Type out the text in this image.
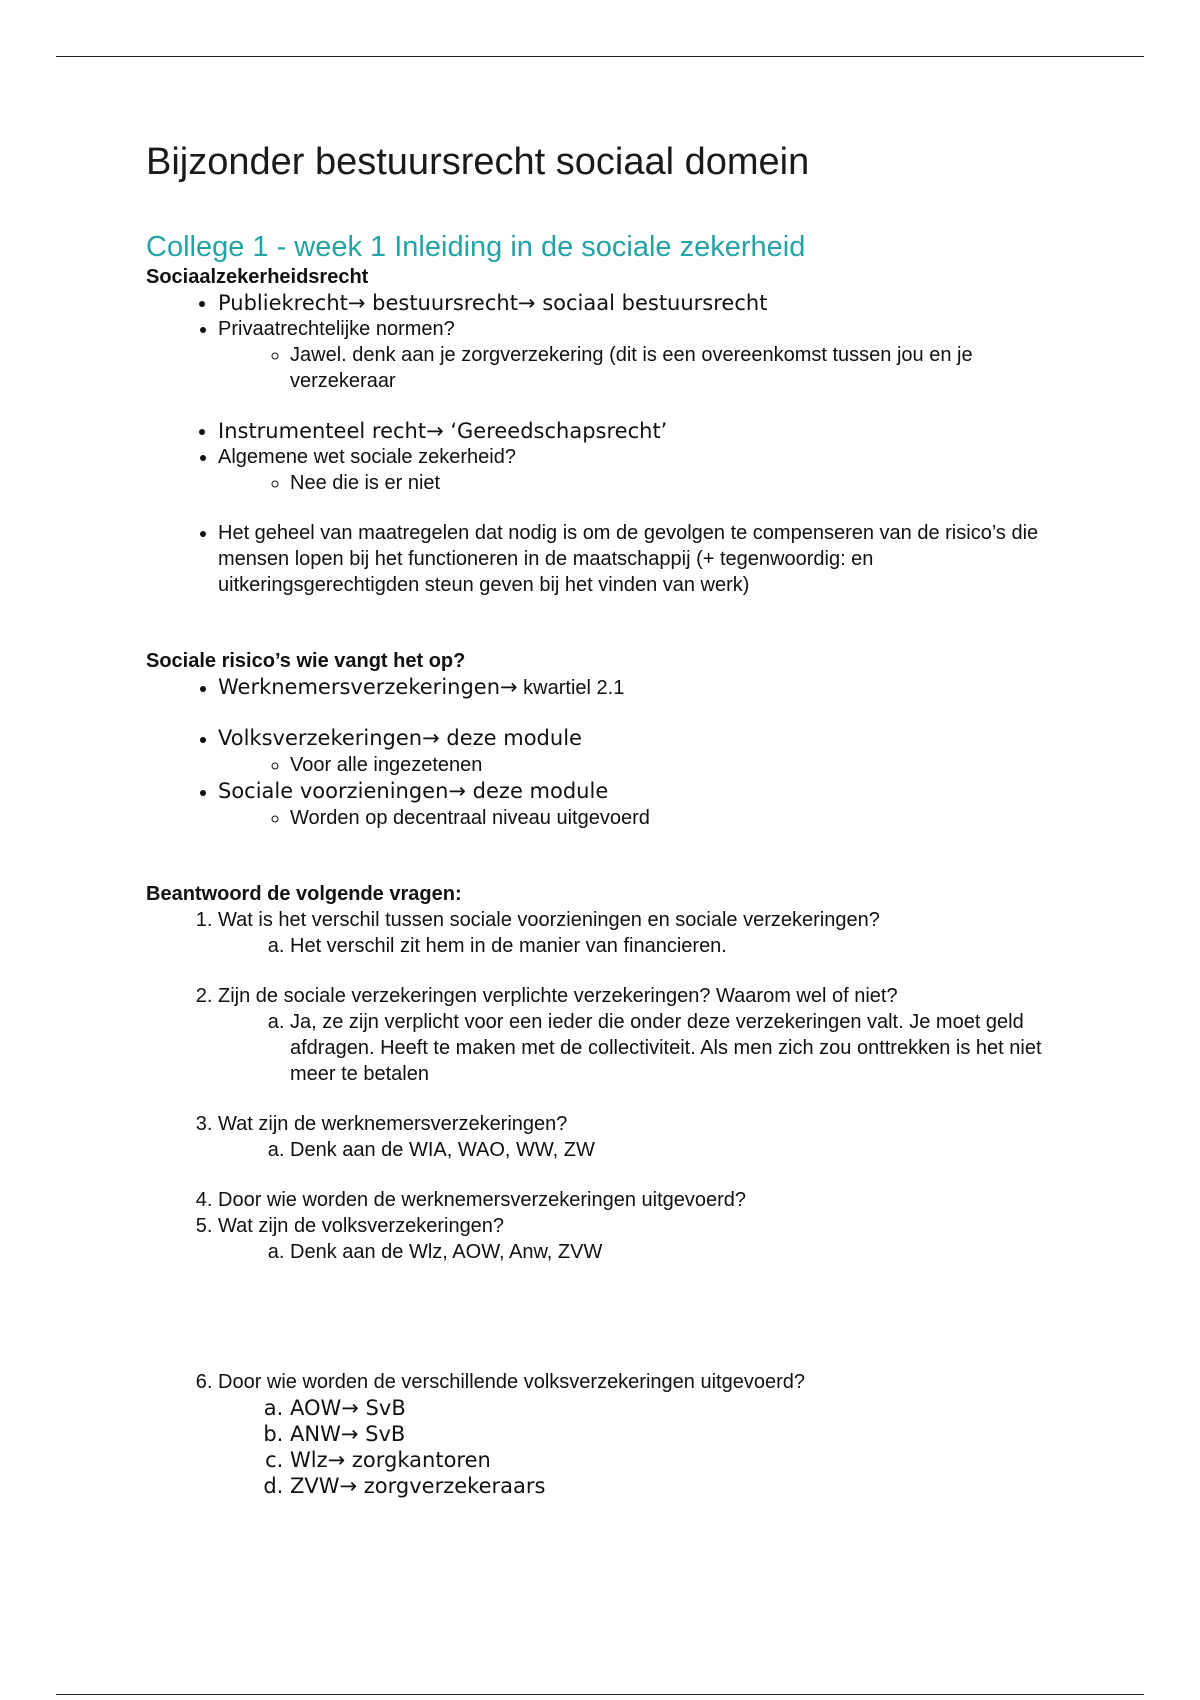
Bijzonder bestuursrecht sociaal domein
College 1 - week 1 Inleiding in de sociale zekerheid
Sociaalzekerheidsrecht
• Publiekrecht→ bestuursrecht→ sociaal bestuursrecht
• Privaatrechtelijke normen?
◦ Jawel. denk aan je zorgverzekering (dit is een overeenkomst tussen jou en je verzekeraar
• Instrumenteel recht→ ‘Gereedschapsrecht’
• Algemene wet sociale zekerheid?
◦ Nee die is er niet
• Het geheel van maatregelen dat nodig is om de gevolgen te compenseren van de risico’s die mensen lopen bij het functioneren in de maatschappij (+ tegenwoordig: en uitkeringsgerechtigden steun geven bij het vinden van werk)
Sociale risico’s wie vangt het op?
• Werknemersverzekeringen→ kwartiel 2.1
• Volksverzekeringen→ deze module
◦ Voor alle ingezetenen
• Sociale voorzieningen→ deze module
◦ Worden op decentraal niveau uitgevoerd
Beantwoord de volgende vragen:
1. Wat is het verschil tussen sociale voorzieningen en sociale verzekeringen?
a. Het verschil zit hem in de manier van financieren.
2. Zijn de sociale verzekeringen verplichte verzekeringen? Waarom wel of niet?
a. Ja, ze zijn verplicht voor een ieder die onder deze verzekeringen valt. Je moet geld afdragen. Heeft te maken met de collectiviteit. Als men zich zou onttrekken is het niet meer te betalen
3. Wat zijn de werknemersverzekeringen?
a. Denk aan de WIA, WAO, WW, ZW
4. Door wie worden de werknemersverzekeringen uitgevoerd?
5. Wat zijn de volksverzekeringen?
a. Denk aan de Wlz, AOW, Anw, ZVW
6. Door wie worden de verschillende volksverzekeringen uitgevoerd?
a. AOW→ SvB
b. ANW→ SvB
c. Wlz→ zorgkantoren
d. ZVW→ zorgverzekeraars
